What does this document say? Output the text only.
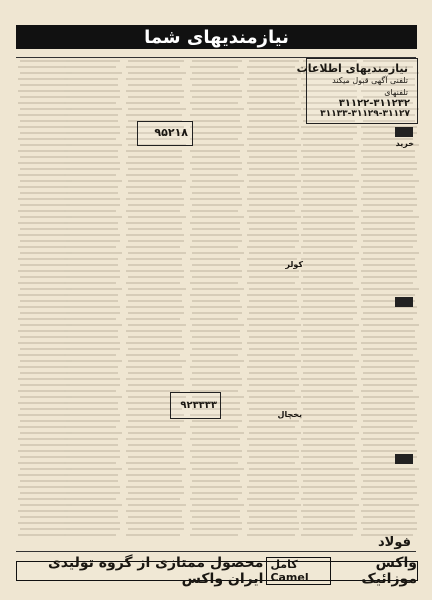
نیازمندیهای شما
نیازمندیهای اطلاعات
تلفنی آگهی قبول میکند
تلفنهای
۳۱۱۲۲-۳۱۱۲۳۲
۳۱۱۳۳-۳۱۱۲۹-۳۱۱۲۷
خرید
کولر
یخچال
فولاد
۹۵۲۱۸
۹۲۳۳۳۳
واکس موزائیک
کامل Camel
محصول ممتازی از گروه تولیدی ایران واکس
